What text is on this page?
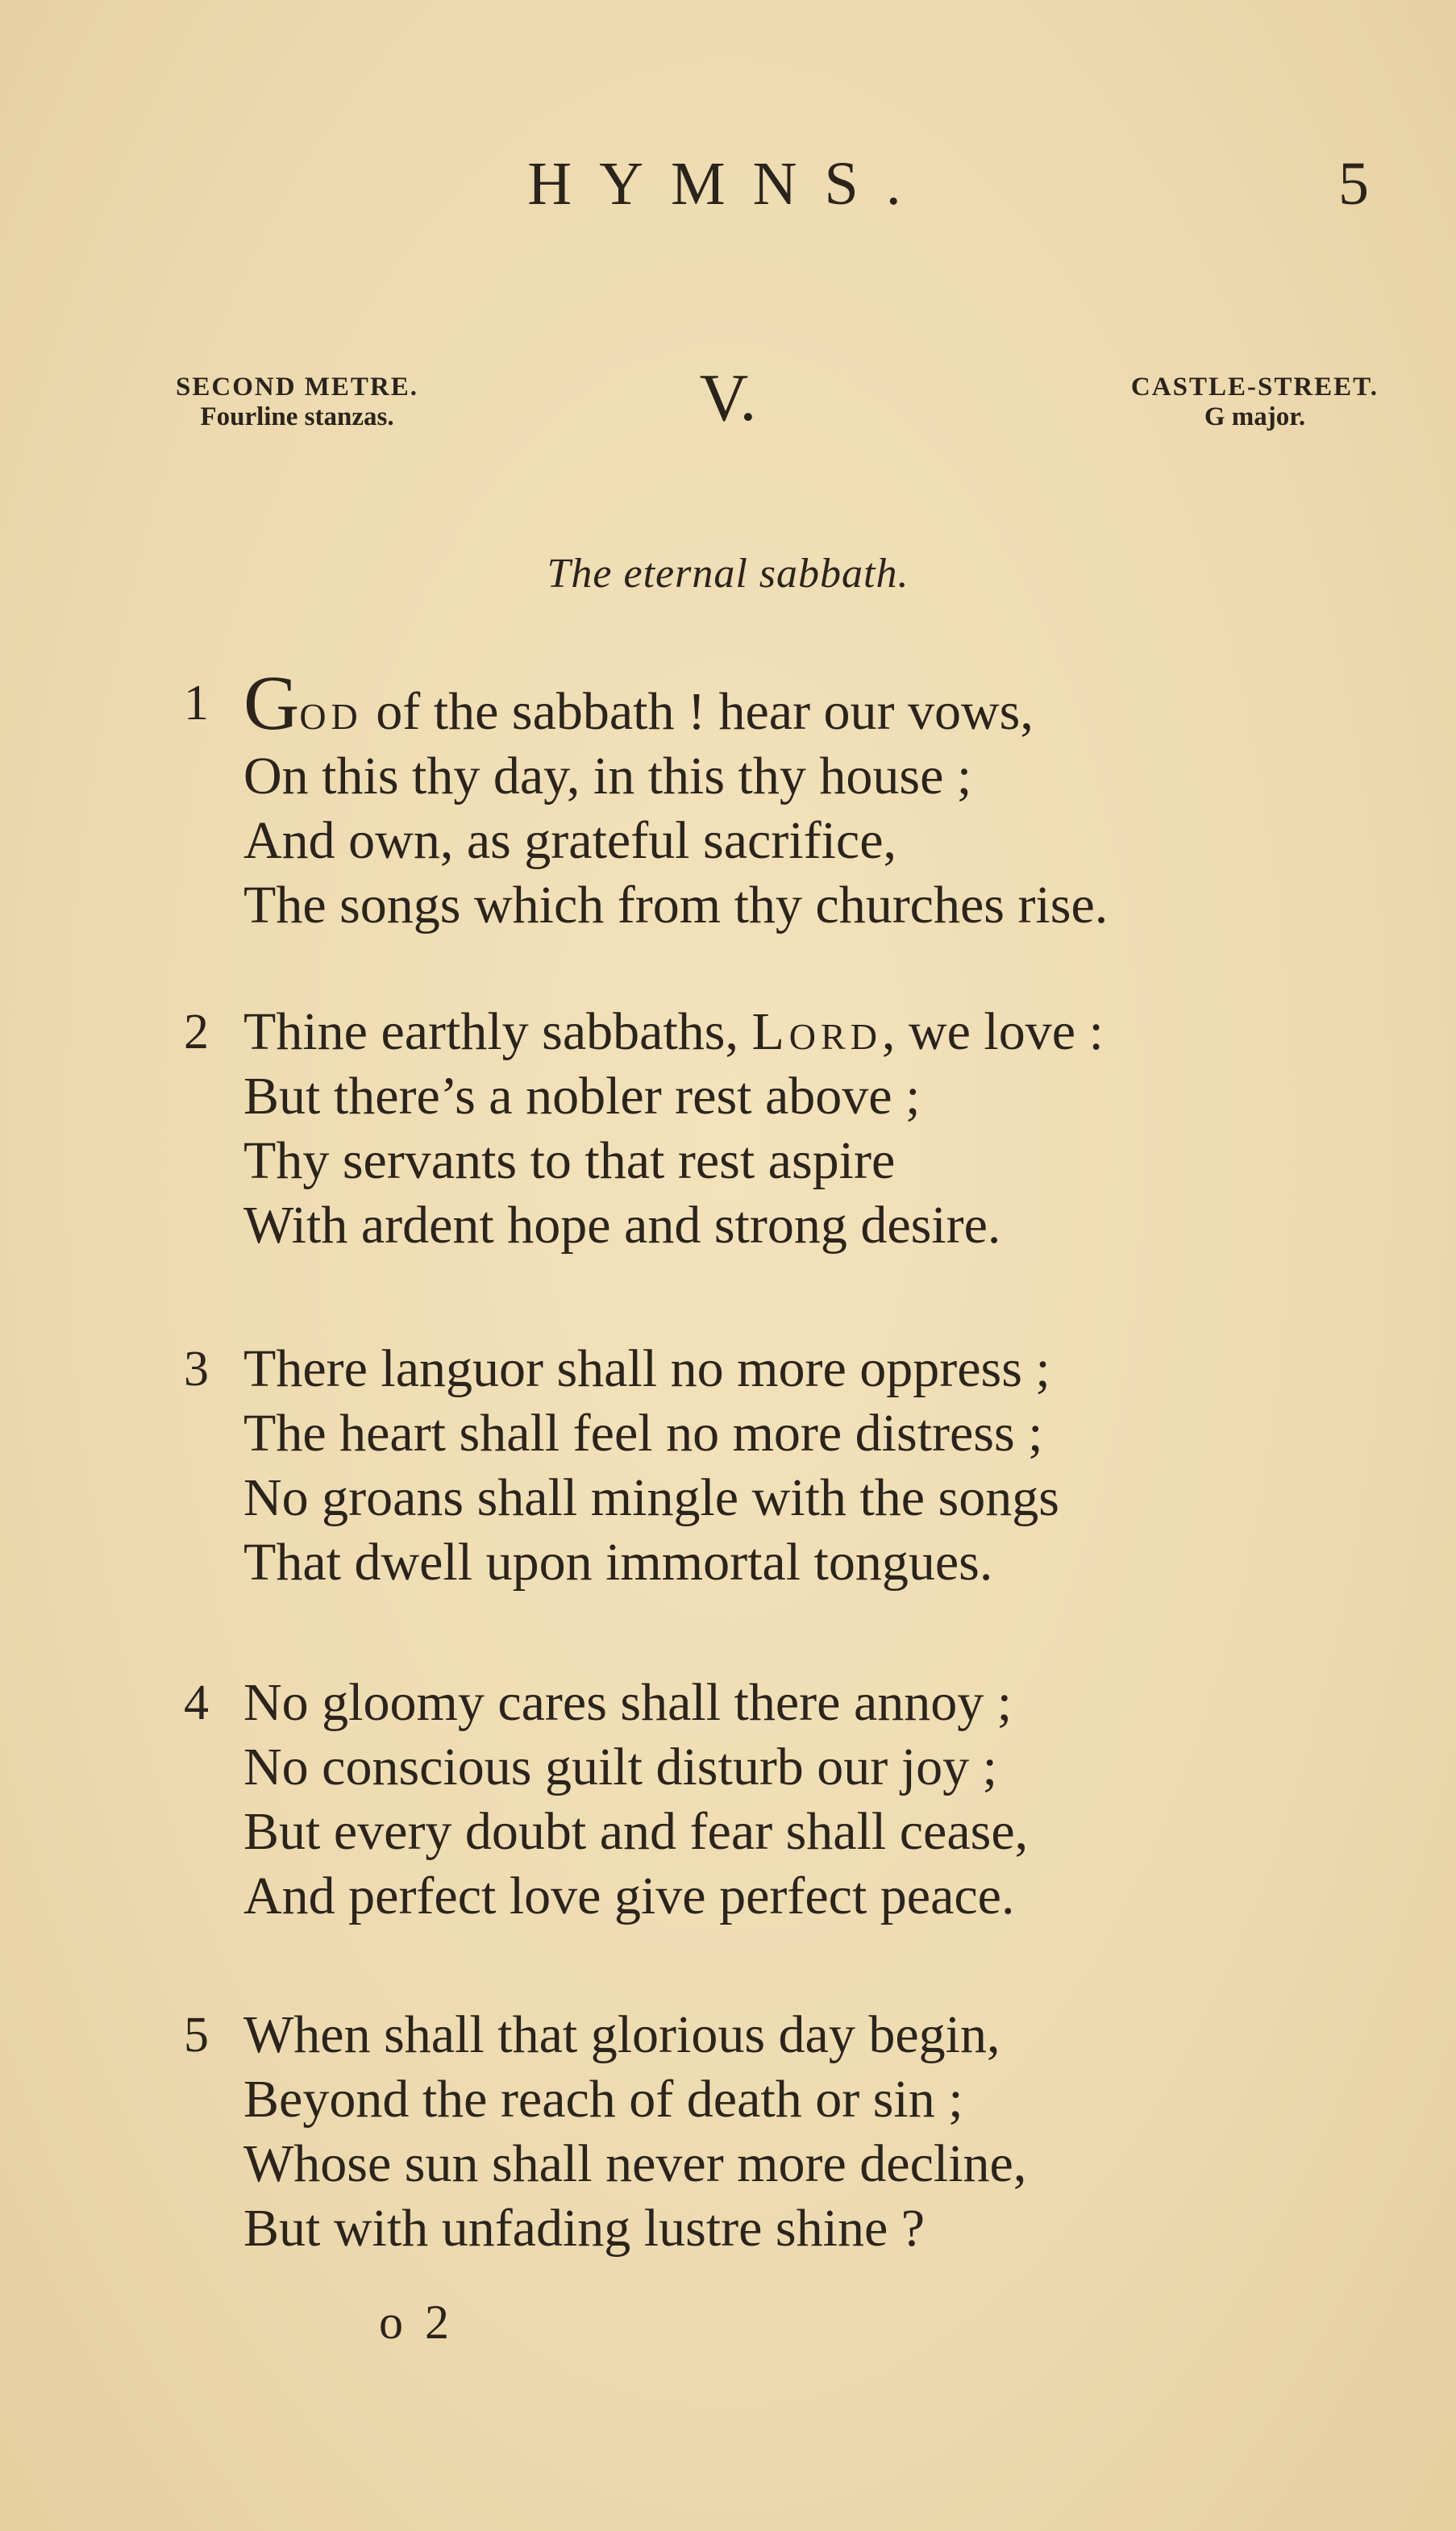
HYMNS.	5
SECOND METRE.
Fourline stanzas.	V.	CASTLE-STREET.
G major.
The eternal sabbath.
1 God of the sabbath ! hear our vows,
On this thy day, in this thy house ;
And own, as grateful sacrifice,
The songs which from thy churches rise.
2 Thine earthly sabbaths, Lord, we love :
But there’s a nobler rest above ;
Thy servants to that rest aspire
With ardent hope and strong desire.
3 There languor shall no more oppress ;
The heart shall feel no more distress ;
No groans shall mingle with the songs
That dwell upon immortal tongues.
4 No gloomy cares shall there annoy ;
No conscious guilt disturb our joy ;
But every doubt and fear shall cease,
And perfect love give perfect peace.
5 When shall that glorious day begin,
Beyond the reach of death or sin ;
Whose sun shall never more decline,
But with unfading lustre shine ?
o 2
